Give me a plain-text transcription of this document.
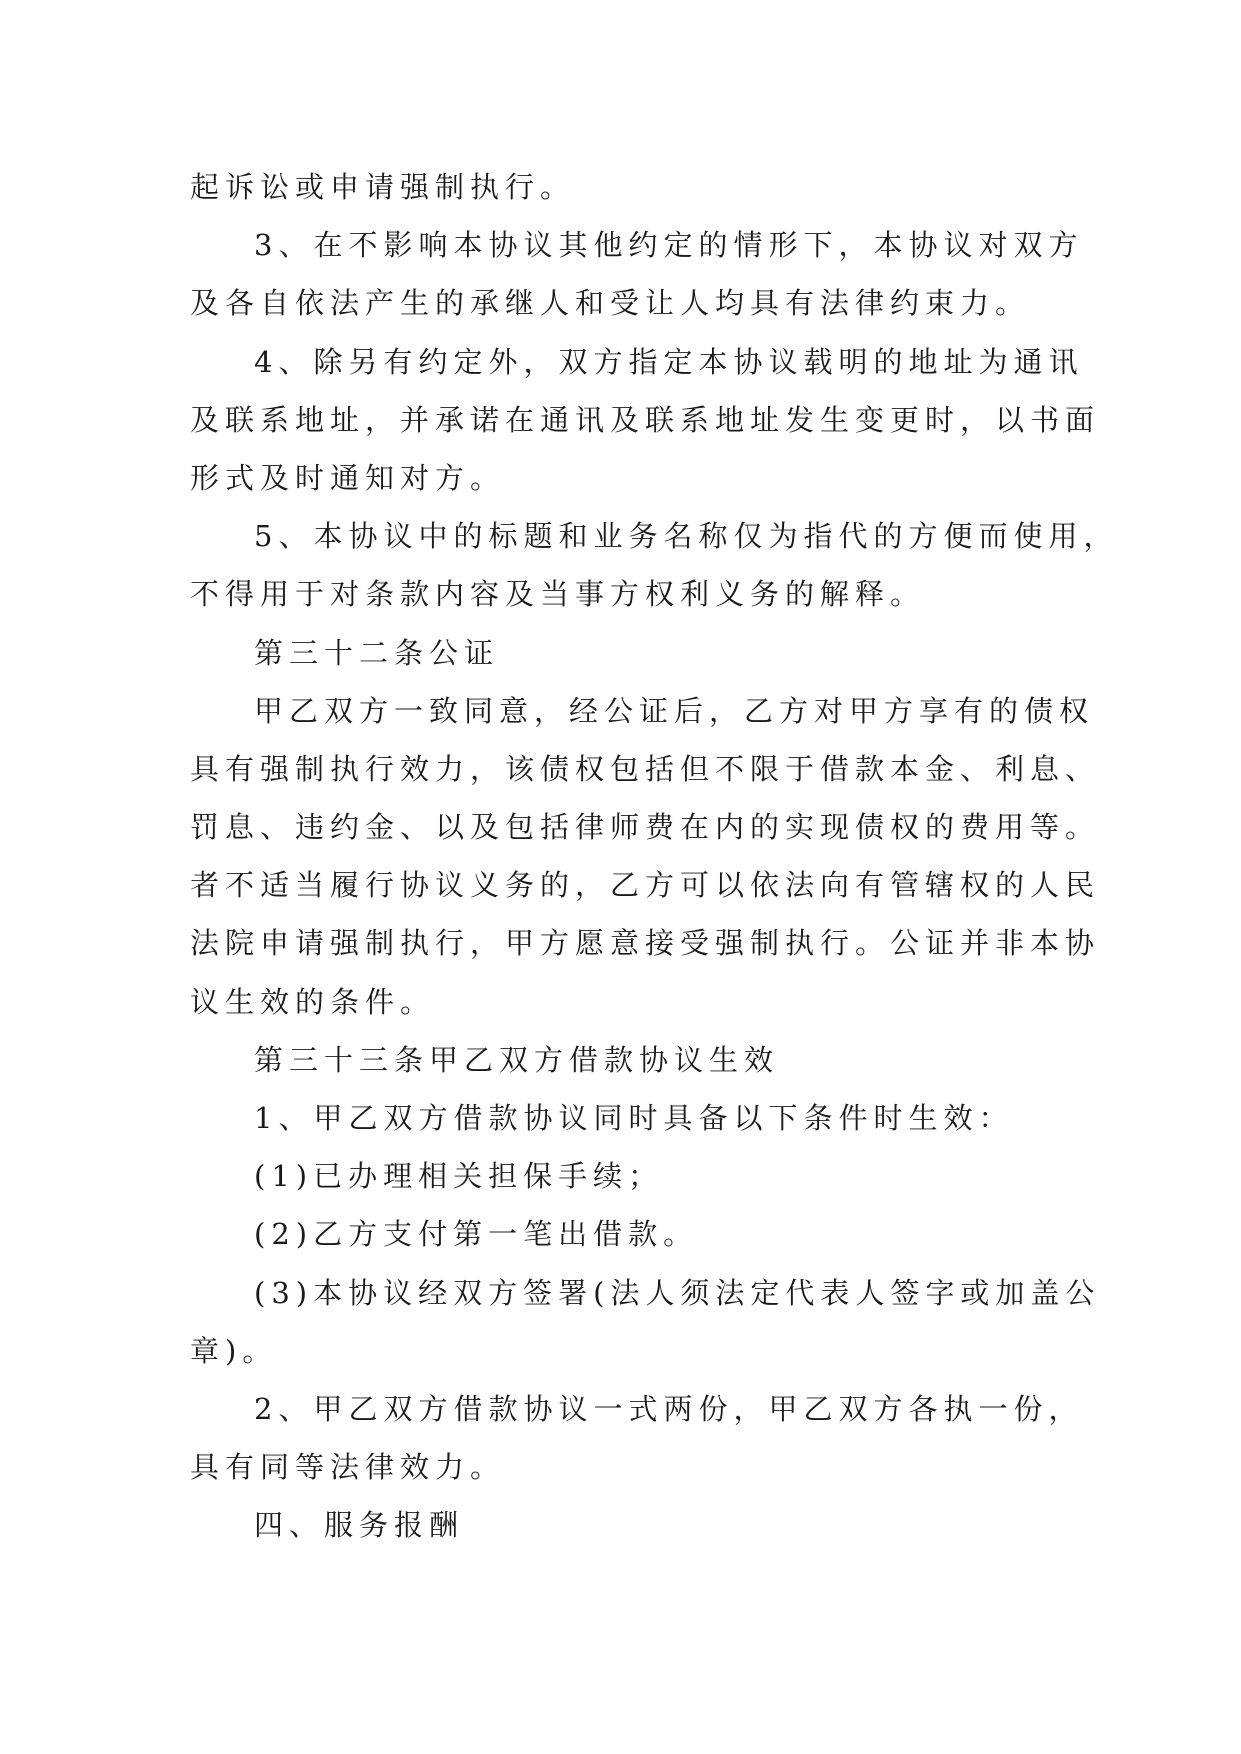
起诉讼或申请强制执行。
3、在不影响本协议其他约定的情形下，本协议对双方
及各自依法产生的承继人和受让人均具有法律约束力。
4、除另有约定外，双方指定本协议载明的地址为通讯
及联系地址，并承诺在通讯及联系地址发生变更时，以书面
形式及时通知对方。
5、本协议中的标题和业务名称仅为指代的方便而使用，
不得用于对条款内容及当事方权利义务的解释。
第三十二条公证
甲乙双方一致同意，经公证后，乙方对甲方享有的债权
具有强制执行效力，该债权包括但不限于借款本金、利息、
罚息、违约金、以及包括律师费在内的实现债权的费用等。
者不适当履行协议义务的，乙方可以依法向有管辖权的人民
法院申请强制执行，甲方愿意接受强制执行。公证并非本协
议生效的条件。
第三十三条甲乙双方借款协议生效
1、甲乙双方借款协议同时具备以下条件时生效：
(1)已办理相关担保手续；
(2)乙方支付第一笔出借款。
(3)本协议经双方签署(法人须法定代表人签字或加盖公
章)。
2、甲乙双方借款协议一式两份，甲乙双方各执一份，
具有同等法律效力。
四、服务报酬
